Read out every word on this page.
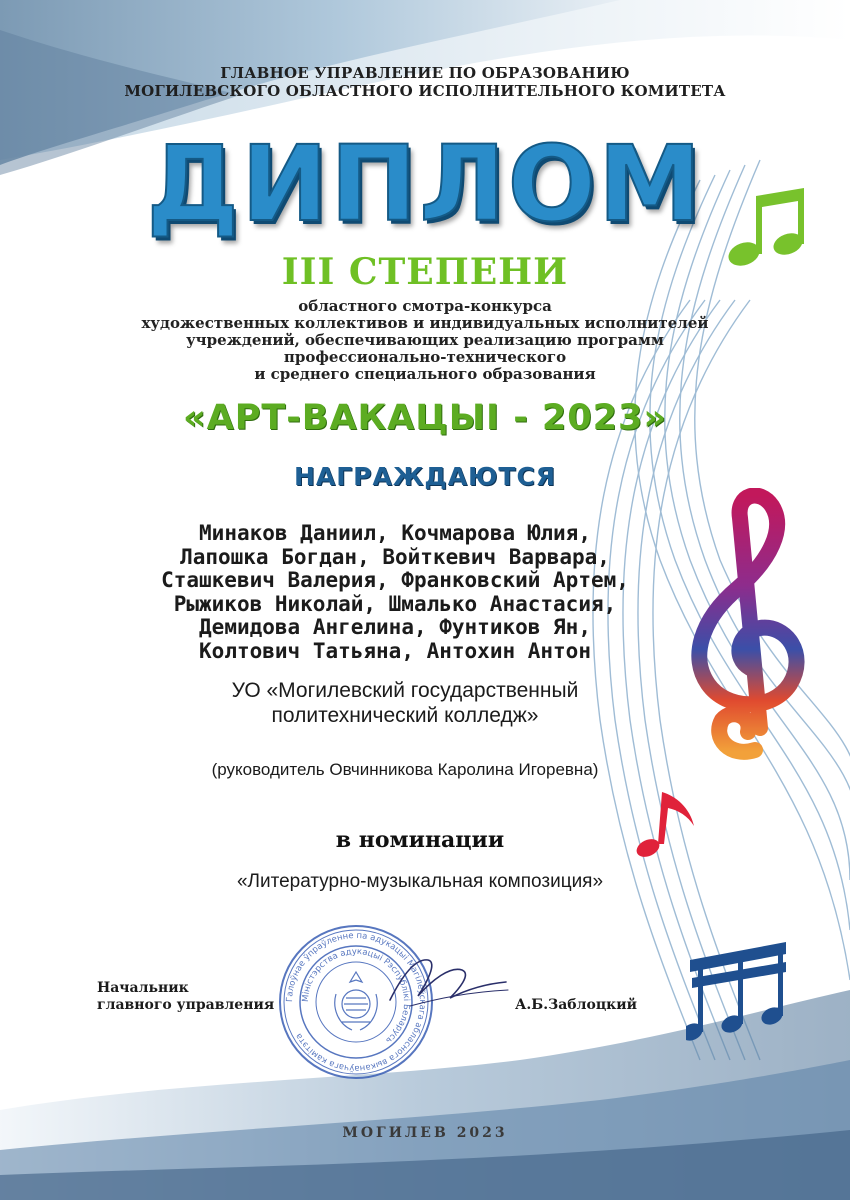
ГЛАВНОЕ УПРАВЛЕНИЕ ПО ОБРАЗОВАНИЮ
МОГИЛЕВСКОГО ОБЛАСТНОГО ИСПОЛНИТЕЛЬНОГО КОМИТЕТА
ДИПЛОМ
III СТЕПЕНИ
областного смотра-конкурса
художественных коллективов и индивидуальных исполнителей
учреждений, обеспечивающих реализацию программ
профессионально-технического
и среднего специального образования
«АРТ-ВАКАЦЫІ - 2023»
НАГРАЖДАЮТСЯ
Минаков Даниил, Кочмарова Юлия,
Лапошка Богдан, Войткевич Варвара,
Сташкевич Валерия, Франковский Артем,
Рыжиков Николай, Шмалько Анастасия,
Демидова Ангелина, Фунтиков Ян,
Колтович Татьяна, Антохин Антон
УО «Могилевский государственный
политехнический колледж»
(руководитель Овчинникова Каролина Игоревна)
в номинации
«Литературно-музыкальная композиция»
Галоўнае ўпраўленне па адукацыі Магілёўскага абласнога выканаўчага камітэта
Міністэрства адукацыі Рэспублікі Беларусь
Начальник
главного управления	А.Б.Заблоцкий
МОГИЛЕВ 2023
